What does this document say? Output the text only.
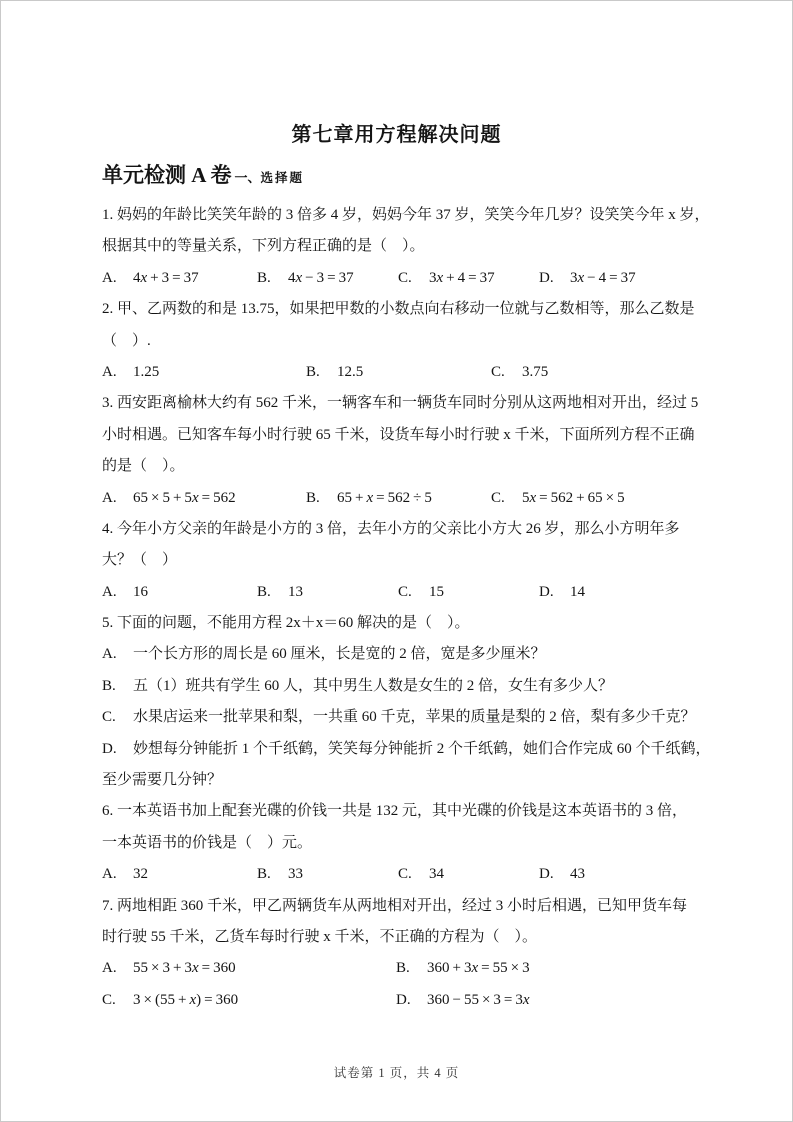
第七章用方程解决问题
单元检测 A 卷 一、选择题
1. 妈妈的年龄比笑笑年龄的 3 倍多 4 岁，妈妈今年 37 岁，笑笑今年几岁？设笑笑今年 x 岁，
根据其中的等量关系，下列方程正确的是（　）。
A. 4x + 3 = 37	B. 4x − 3 = 37	C. 3x + 4 = 37	D. 3x − 4 = 37
2. 甲、乙两数的和是 13.75，如果把甲数的小数点向右移动一位就与乙数相等，那么乙数是
（　）.
A. 1.25	B. 12.5	C. 3.75
3. 西安距离榆林大约有 562 千米，一辆客车和一辆货车同时分别从这两地相对开出，经过 5
小时相遇。已知客车每小时行驶 65 千米，设货车每小时行驶 x 千米，下面所列方程不正确
的是（　）。
A. 65 × 5 + 5x = 562	B. 65 + x = 562 ÷ 5	C. 5x = 562 + 65 × 5
4. 今年小方父亲的年龄是小方的 3 倍，去年小方的父亲比小方大 26 岁，那么小方明年多
大？（　）
A. 16	B. 13	C. 15	D. 14
5. 下面的问题，不能用方程 2x＋x＝60 解决的是（　）。
A. 一个长方形的周长是 60 厘米，长是宽的 2 倍，宽是多少厘米？
B. 五（1）班共有学生 60 人，其中男生人数是女生的 2 倍，女生有多少人？
C. 水果店运来一批苹果和梨，一共重 60 千克，苹果的质量是梨的 2 倍，梨有多少千克？
D. 妙想每分钟能折 1 个千纸鹤，笑笑每分钟能折 2 个千纸鹤，她们合作完成 60 个千纸鹤，
至少需要几分钟？
6. 一本英语书加上配套光碟的价钱一共是 132 元，其中光碟的价钱是这本英语书的 3 倍，
一本英语书的价钱是（　）元。
A. 32	B. 33	C. 34	D. 43
7. 两地相距 360 千米，甲乙两辆货车从两地相对开出，经过 3 小时后相遇，已知甲货车每
时行驶 55 千米，乙货车每时行驶 x 千米，不正确的方程为（　）。
A. 55 × 3 + 3x = 360	B. 360 + 3x = 55 × 3
C. 3 × (55 + x) = 360	D. 360 − 55 × 3 = 3x
试卷第 1 页，共 4 页
